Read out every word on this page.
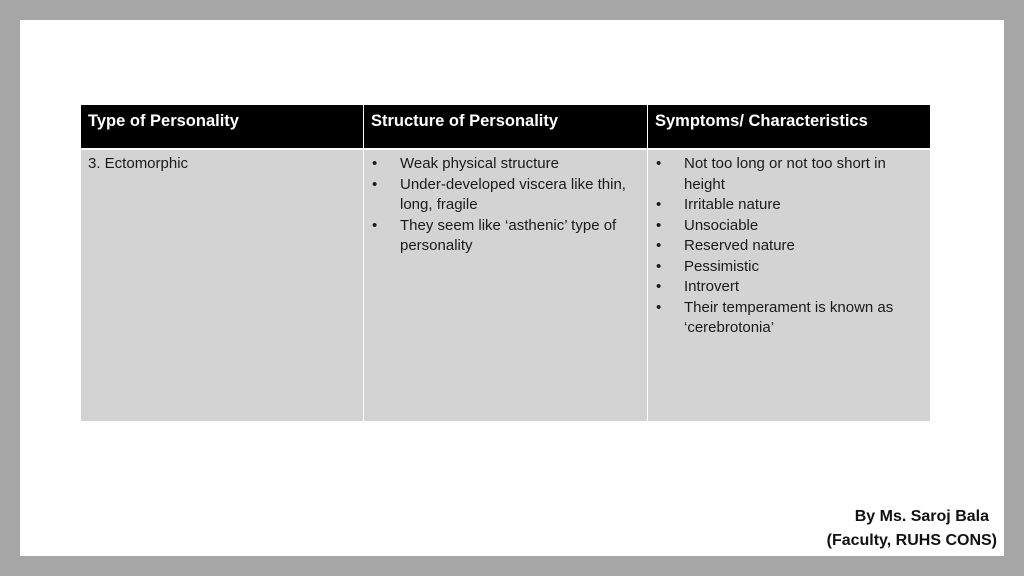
Type of Personality	Structure of Personality	Symptoms/ Characteristics
3. Ectomorphic
•	Weak physical structure
• Under-developed viscera like thin, long, fragile
• They seem like ‘asthenic’ type of personality
• Not too long or not too short in height
• Irritable nature
• Unsociable
• Reserved nature
• Pessimistic
• Introvert
• Their temperament is known as ‘cerebrotonia’
By Ms. Saroj Bala
(Faculty, RUHS CONS)
